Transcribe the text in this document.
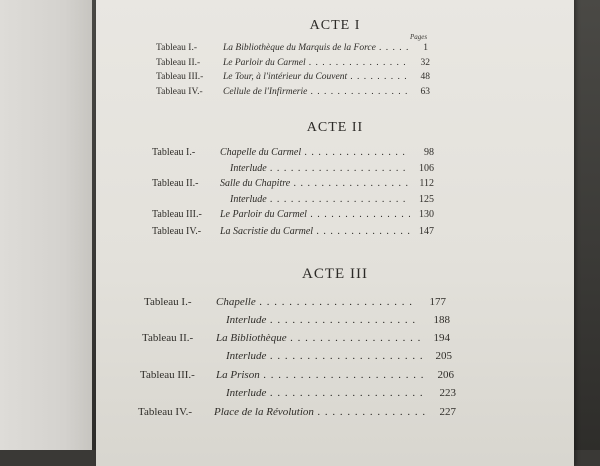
ACTE I
Pages
Tableau I.-	La Bibliothèque du Marquis de la Force . . .	1
Tableau II.- Le Parloir du Carmel . . .	32
Tableau III.- Le Tour, à l'intérieur du Couvent . . .	48
Tableau IV.- Cellule de l'Infirmerie . . .	63
ACTE II
Tableau I.- Chapelle du Carmel . . .	98
Interlude . . .	106
Tableau II.- Salle du Chapitre . . .	112
Interlude . . .	125
Tableau III.- Le Parloir du Carmel . . .	130
Tableau IV.- La Sacristie du Carmel . . .	147
ACTE III
Tableau I.- Chapelle . . .	177
Interlude . . .	188
Tableau II.- La Bibliothèque . . .	194
Interlude . . .	205
Tableau III.- La Prison . . .	206
Interlude . . .	223
Tableau IV.- Place de la Révolution . . .	227
